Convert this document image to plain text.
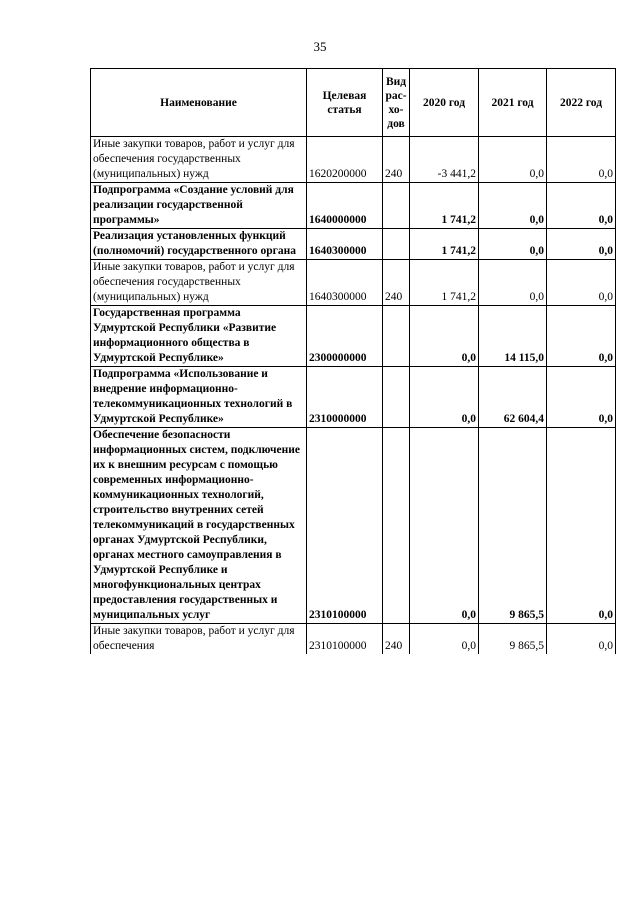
35
Наименование	Целевая статья	Вид рас-хо-дов	2020 год	2021 год	2022 год
Иные закупки товаров, работ и услуг для обеспечения государственных (муниципальных) нужд	1620200000	240	-3 441,2	0,0	0,0
Подпрограмма «Создание условий для реализации государственной программы»	1640000000		1 741,2	0,0	0,0
Реализация установленных функций (полномочий) государственного органа	1640300000		1 741,2	0,0	0,0
Иные закупки товаров, работ и услуг для обеспечения государственных (муниципальных) нужд	1640300000	240	1 741,2	0,0	0,0
Государственная программа Удмуртской Республики «Развитие информационного общества в Удмуртской Республике»	2300000000		0,0	14 115,0	0,0
Подпрограмма «Использование и внедрение информационно-телекоммуникационных технологий в Удмуртской Республике»	2310000000		0,0	62 604,4	0,0
Обеспечение безопасности информационных систем, подключение их к внешним ресурсам с помощью современных информационно-коммуникационных технологий, строительство внутренних сетей телекоммуникаций в государственных органах Удмуртской Республики, органах местного самоуправления в Удмуртской Республике и многофункциональных центрах предоставления государственных и муниципальных услуг	2310100000		0,0	9 865,5	0,0
Иные закупки товаров, работ и услуг для обеспечения	2310100000	240	0,0	9 865,5	0,0
